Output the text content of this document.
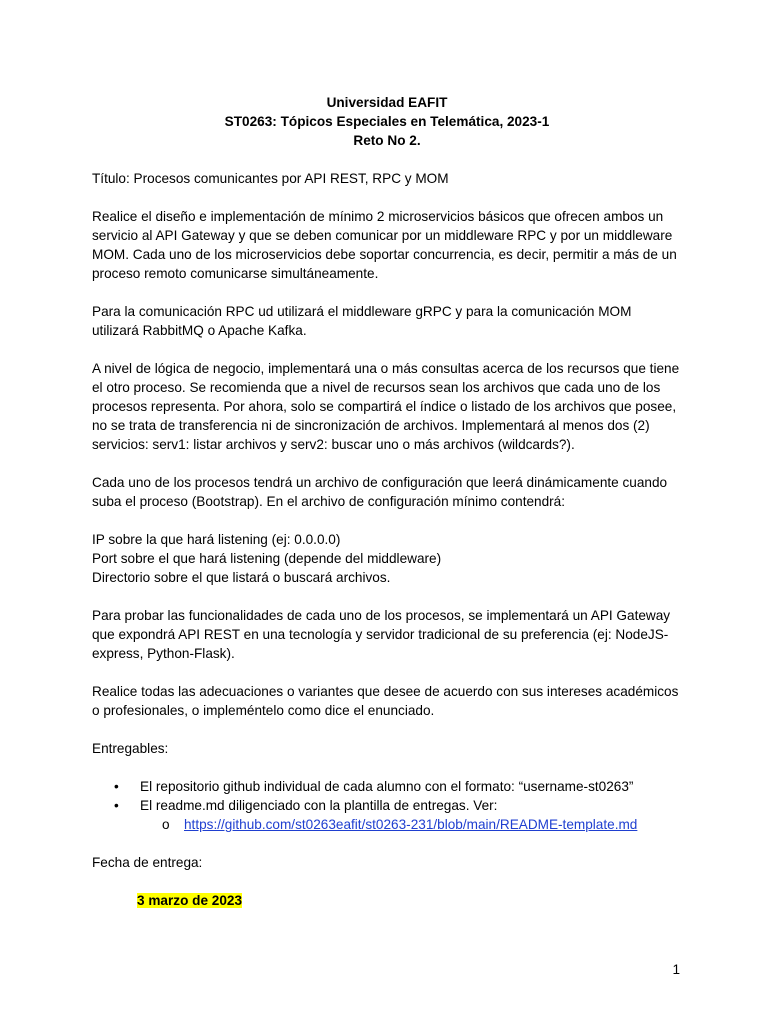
Universidad EAFIT
ST0263: Tópicos Especiales en Telemática, 2023-1
Reto No 2.

Título: Procesos comunicantes por API REST, RPC y MOM

Realice el diseño e implementación de mínimo 2 microservicios básicos que ofrecen ambos un servicio al API Gateway y que se deben comunicar por un middleware RPC y por un middleware MOM. Cada uno de los microservicios debe soportar concurrencia, es decir, permitir a más de un proceso remoto comunicarse simultáneamente.

Para la comunicación RPC ud utilizará el middleware gRPC y para la comunicación MOM utilizará RabbitMQ o Apache Kafka.

A nivel de lógica de negocio, implementará una o más consultas acerca de los recursos que tiene el otro proceso. Se recomienda que a nivel de recursos sean los archivos que cada uno de los procesos representa. Por ahora, solo se compartirá el índice o listado de los archivos que posee, no se trata de transferencia ni de sincronización de archivos. Implementará al menos dos (2) servicios: serv1: listar archivos y serv2: buscar uno o más archivos (wildcards?).

Cada uno de los procesos tendrá un archivo de configuración que leerá dinámicamente cuando suba el proceso (Bootstrap). En el archivo de configuración mínimo contendrá:

IP sobre la que hará listening (ej: 0.0.0.0)

Port sobre el que hará listening (depende del middleware)

Directorio sobre el que listará o buscará archivos.

Para probar las funcionalidades de cada uno de los procesos, se implementará un API Gateway que expondrá API REST en una tecnología y servidor tradicional de su preferencia (ej: NodeJS-express, Python-Flask).

Realice todas las adecuaciones o variantes que desee de acuerdo con sus intereses académicos o profesionales, o impleméntelo como dice el enunciado.

Entregables:

• El repositorio github individual de cada alumno con el formato: “username-st0263”
• El readme.md diligenciado con la plantilla de entregas. Ver:
o https://github.com/st0263eafit/st0263-231/blob/main/README-template.md

Fecha de entrega:

3 marzo de 2023

1
